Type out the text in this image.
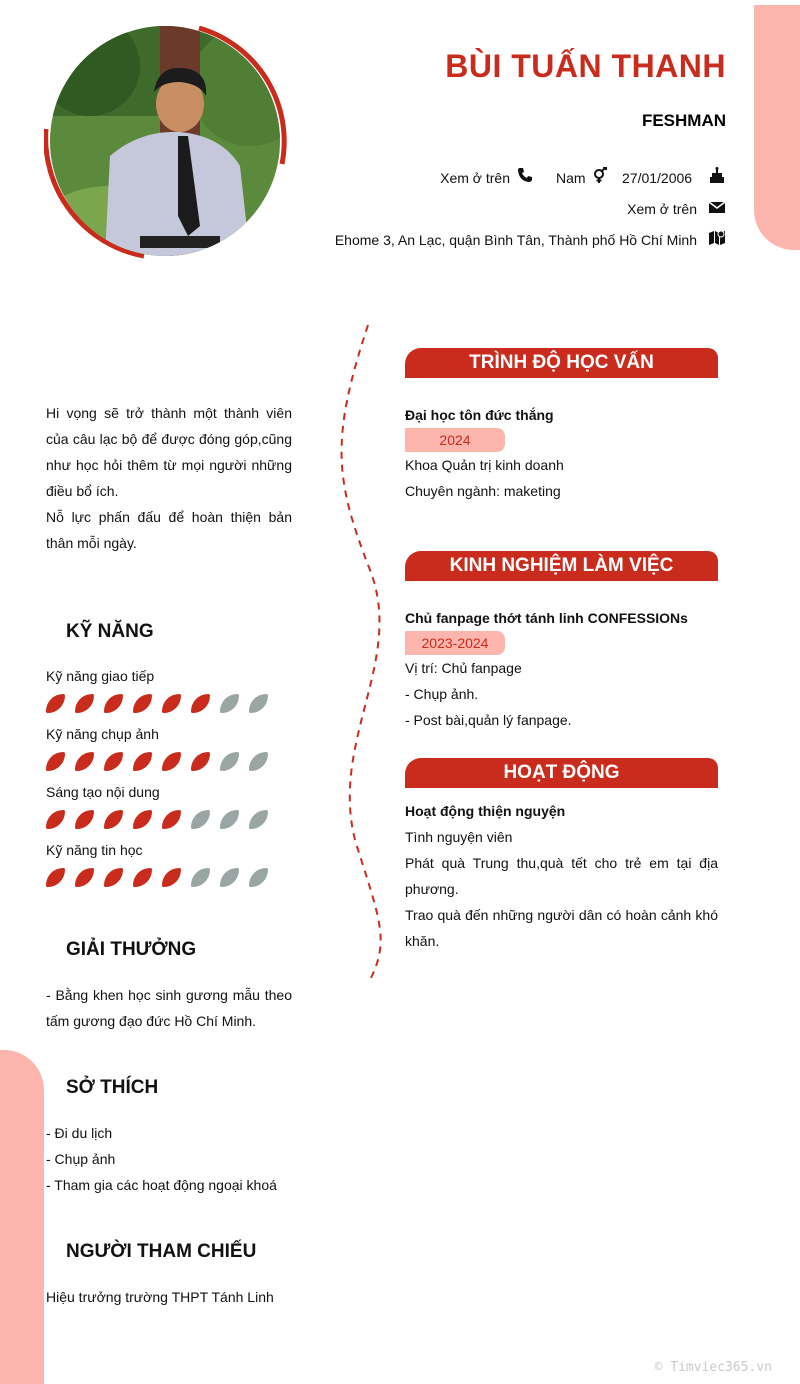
BÙI TUẤN THANH
FESHMAN
Xem ở trên	Nam	27/01/2006
Xem ở trên
Ehome 3, An Lạc, quận Bình Tân, Thành phố Hồ Chí Minh
Hi vọng sẽ trở thành một thành viên của câu lạc bộ để được đóng góp,cũng như học hỏi thêm từ mọi người những điều bổ ích.
Nỗ lực phấn đấu để hoàn thiện bản thân mỗi ngày.
KỸ NĂNG
Kỹ năng giao tiếp
Kỹ năng chụp ảnh
Sáng tạo nội dung
Kỹ năng tin học
GIẢI THƯỞNG
- Bằng khen học sinh gương mẫu theo tấm gương đạo đức Hồ Chí Minh.
SỞ THÍCH
- Đi du lịch
- Chụp ảnh
- Tham gia các hoạt động ngoại khoá
NGƯỜI THAM CHIẾU
Hiệu trưởng trường THPT Tánh Linh
TRÌNH ĐỘ HỌC VẤN
Đại học tôn đức thắng
2024
Khoa Quản trị kinh doanh
Chuyên ngành: maketing
KINH NGHIỆM LÀM VIỆC
Chủ fanpage thớt tánh linh CONFESSIONs
2023-2024
Vị trí: Chủ fanpage
- Chụp ảnh.
- Post bài,quản lý fanpage.
HOẠT ĐỘNG
Hoạt động thiện nguyện
Tình nguyện viên
Phát quà Trung thu,quà tết cho trẻ em tại địa phương.
Trao quà đến những người dân có hoàn cảnh khó khăn.
© Timviec365.vn
